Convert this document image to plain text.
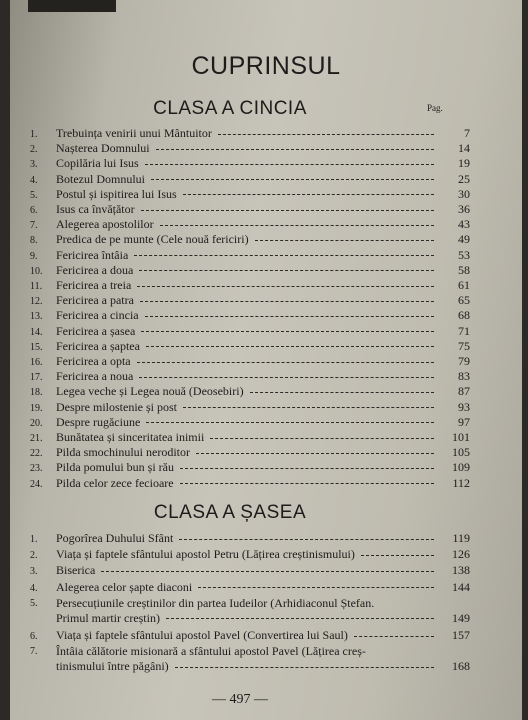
CUPRINSUL
CLASA A CINCIA	Pag.
1.	Trebuința venirii unui Mântuitor	7
2.	Nașterea Domnului	14
3.	Copilăria lui Isus	19
4.	Botezul Domnului	25
5.	Postul și ispitirea lui Isus	30
6.	Isus ca învățător	36
7.	Alegerea apostolilor	43
8.	Predica de pe munte (Cele nouă fericiri)	49
9.	Fericirea întâia	53
10.	Fericirea a doua	58
11.	Fericirea a treia	61
12.	Fericirea a patra	65
13.	Fericirea a cincia	68
14.	Fericirea a șasea	71
15.	Fericirea a șaptea	75
16.	Fericirea a opta	79
17.	Fericirea a noua	83
18.	Legea veche și Legea nouă (Deosebiri)	87
19.	Despre milostenie și post	93
20.	Despre rugăciune	97
21.	Bunătatea și sinceritatea inimii	101
22.	Pilda smochinului neroditor	105
23.	Pilda pomului bun și rău	109
24.	Pilda celor zece fecioare	112
CLASA A ȘASEA
1.	Pogorîrea Duhului Sfânt	119
2.	Viața și faptele sfântului apostol Petru (Lățirea creștinismului)	126
3.	Biserica	138
4.	Alegerea celor șapte diaconi	144
5.	Persecuțiunile creștinilor din partea Iudeilor (Arhidiaconul Ștefan.
Primul martir creștin)	149
6.	Viața și faptele sfântului apostol Pavel (Convertirea lui Saul)	157
7.	Întâia călătorie misionară a sfântului apostol Pavel (Lățirea creș-
tinismului între păgâni)	168
— 497 —
